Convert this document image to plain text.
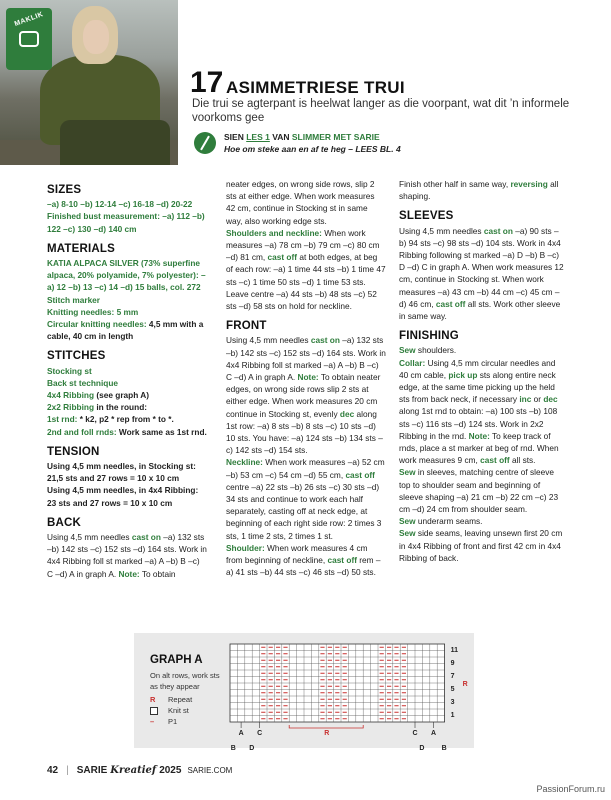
MAKLIK
17 ASIMMETRIESE TRUI
Die trui se agterpant is heelwat langer as die voorpant, wat dit ’n informele voorkoms gee
SIEN LES 1 VAN SLIMMER MET SARIE
Hoe om steke aan en af te heg – LEES BL. 4
SIZES

–a) 8-10 –b) 12-14 –c) 16-18 –d) 20-22

Finished bust measurement: –a) 112 –b) 122 –c) 130 –d) 140 cm

MATERIALS

KATIA ALPACA SILVER (73% superfine alpaca, 20% polyamide, 7% polyester): –a) 12 –b) 13 –c) 14 –d) 15 balls, col. 272

Stitch marker

Knitting needles: 5 mm

Circular knitting needles: 4,5 mm with a cable, 40 cm in length

STITCHES

Stocking st

Back st technique

4x4 Ribbing (see graph A)

2x2 Ribbing in the round:

1st rnd: * k2, p2 * rep from * to *.

2nd and foll rnds: Work same as 1st rnd.

TENSION

Using 4,5 mm needles, in Stocking st: 21,5 sts and 27 rows = 10 x 10 cm

Using 4,5 mm needles, in 4x4 Ribbing: 23 sts and 27 rows = 10 x 10 cm

BACK

Using 4,5 mm needles cast on –a) 132 sts –b) 142 sts –c) 152 sts –d) 164 sts. Work in 4x4 Ribbing foll st marked –a) A –b) B –c) C –d) A in graph A. Note: To obtain

neater edges, on wrong side rows, slip 2 sts at either edge. When work measures 42 cm, continue in Stocking st in same way, also working edge sts.

Shoulders and neckline: When work measures –a) 78 cm –b) 79 cm –c) 80 cm –d) 81 cm, cast off at both edges, at beg of each row: –a) 1 time 44 sts –b) 1 time 47 sts –c) 1 time 50 sts –d) 1 time 53 sts. Leave centre –a) 44 sts –b) 48 sts –c) 52 sts –d) 58 sts on hold for neckline.

FRONT

Using 4,5 mm needles cast on –a) 132 sts –b) 142 sts –c) 152 sts –d) 164 sts. Work in 4x4 Ribbing foll st marked –a) A –b) B –c) C –d) A in graph A. Note: To obtain neater edges, on wrong side rows slip 2 sts at either edge. When work measures 20 cm continue in Stocking st, evenly dec along 1st row: –a) 8 sts –b) 8 sts –c) 10 sts –d) 10 sts. You have: –a) 124 sts –b) 134 sts –c) 142 sts –d) 154 sts.

Neckline: When work measures –a) 52 cm –b) 53 cm –c) 54 cm –d) 55 cm, cast off centre –a) 22 sts –b) 26 sts –c) 30 sts –d) 34 sts and continue to work each half separately, casting off at neck edge, at beginning of each right side row: 2 times 3 sts, 1 time 2 sts, 2 times 1 st.

Shoulder: When work measures 4 cm from beginning of neckline, cast off rem –a) 41 sts –b) 44 sts –c) 46 sts –d) 50 sts.

Finish other half in same way, reversing all shaping.

SLEEVES

Using 4,5 mm needles cast on –a) 90 sts –b) 94 sts –c) 98 sts –d) 104 sts. Work in 4x4 Ribbing following st marked –a) D –b) B –c) D –d) C in graph A. When work measures 12 cm, continue in Stocking st. When work measures –a) 43 cm –b) 44 cm –c) 45 cm –d) 46 cm, cast off all sts. Work other sleeve in same way.

FINISHING

Sew shoulders.

Collar: Using 4,5 mm circular needles and 40 cm cable, pick up sts along entire neck edge, at the same time picking up the held sts from back neck, if necessary inc or dec along 1st rnd to obtain: –a) 100 sts –b) 108 sts –c) 116 sts –d) 124 sts. Work in 2x2 Ribbing in the rnd. Note: To keep track of rnds, place a st marker at beg of rnd. When work measures 9 cm, cast off all sts.

Sew in sleeves, matching centre of sleeve top to shoulder seam and beginning of sleeve shaping –a) 21 cm –b) 22 cm –c) 23 cm –d) 24 cm from shoulder seam.

Sew underarm seams.

Sew side seams, leaving unsewn first 20 cm in 4x4 Ribbing of front and first 42 cm in 4x4 Ribbing of back.

GRAPH A
On alt rows, work sts as they appear
R	Repeat
Knit st
–	P1
11
9
7
5
3
1
R
R
A C	C A
B D	D B
42 | SARIE Kreatief 2025 SARIE.COM
PassionForum.ru
